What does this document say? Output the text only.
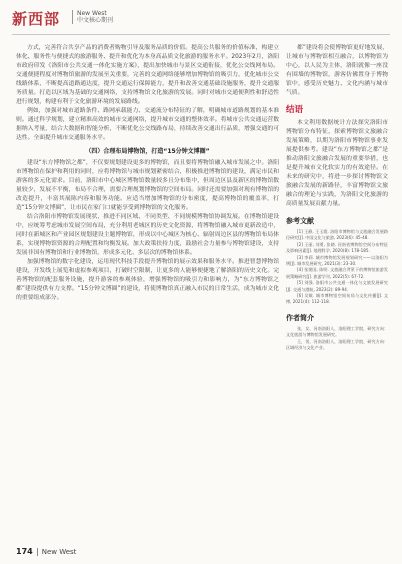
新西部	New West
中文核心期刊

方式，完善符合共享产品的消费者购物引导及服务品质的价值。提高公共服务的价值标准，构建立体化、服务性与便捷式的旅游服务、提升和优化为本身高品质文化旅游的服务水平。2023年2月，洛阳市政府印发《洛阳市公共交通一体化实施方案》，提出加快城市与景区交通衔接，优化公交线网布局。交通便捷程度对博物馆旅游的发展至关重要，完善的交通网络能够增加博物馆的吸引力，优化城市公交线路体系，不断提高道路通达度，提升交通运行保障能力，提升和改善交通基础设施服务，提升交通服务质量。打造以区域为基础的交通网络，支持博物馆文化旅游的发展。同时对城市交通便利性和舒适性进行规划，构建有利于文化旅游环境的发展路线。

例如，加强对城市道路条件、路网承载能力、交通流分布特征的了解，明确城市道路规划的基本准则。通过科学规划，建立精准高效的城市交通网络，提升城市交通的整体效率。将城市公共交通运营数据纳入考量，结合大数据和智能分析，不断优化公交线路布局，持续改善交通出行品质，增强交通的可达性。全面提升城市交通服务水平。

（四）合理布局博物馆，打造“15分钟文博圈”

建设“东方博物馆之都”，不仅要规划建设更多的博物馆，而且要将博物馆融入城市发展之中。洛阳市博物馆在保护和利用的同时，应将博物馆与城市规划紧密结合，积极推进博物馆的建设，满足市民和游客的多元化需求。目前，洛阳市中心城区博物馆数量较多且分布集中，但周边区县及新区的博物馆数量较少，发展不平衡，布局不合理，需要合理规划博物馆的空间布局。同时还需要加强对现有博物馆的改造提升，丰富其展陈内容和服务功能。应适当增加博物馆的分布密度，提高博物馆的覆盖率，打造“15分钟文博圈”，让市民在家门口就能享受到博物馆的文化服务。

结合洛阳市博物馆发展现状，推进不同区域、不同类型、不同规模博物馆协调发展。在博物馆建设中，应统筹考虑城市发展空间布局，充分利用老城区的历史文化资源，将博物馆融入城市更新改造中，同时在新城区和产业园区规划建设主题博物馆，形成以中心城区为核心、辐射周边区县的博物馆布局体系，实现博物馆资源的合理配置和均衡发展。加大政策扶持力度，鼓励社会力量参与博物馆建设，支持发展非国有博物馆和行业博物馆，形成多元化、多层次的博物馆体系。

加强博物馆的数字化建设，运用现代科技手段提升博物馆的展示效果和服务水平。推进智慧博物馆建设，开发线上展览和虚拟参观项目，打破时空限制，让更多的人能够便捷地了解洛阳的历史文化。完善博物馆的配套服务设施，提升游客的参观体验，增强博物馆的吸引力和影响力，为“东方博物馆之都”建设提供有力支撑。“15分钟文博圈”的建设，将使博物馆真正融入市民的日常生活，成为城市文化的重要组成部分。

都”建设将会使博物馆更好地发展，让城市与博物馆相互融合，以博物馆为中心，以人民为主体，洛阳就像一座没有围墙的博物馆，游客仿佛置身于博物馆中，感受历史魅力、文化内涵与城市气质。

结语

本文利用数据统计方法探究洛阳市博物馆分布特征，探索博物馆文旅融合发展策略，以期为洛阳市博物馆事业发展提供参考。建设“东方博物馆之都”是推动洛阳文旅融合发展的重要举措，也是提升城市文化软实力的有效途径。在未来的研究中，将进一步探讨博物馆文旅融合发展的新路径，丰富博物馆文旅融合的理论与实践，为洛阳文化旅游的高质量发展贡献力量。

参考文献

[1] 王静, 王玉霞. 洛阳市博物馆与文旅融合发展路径研究[J]. 中国文化与旅游, 2023(6): 45-48.

[2] 王丽, 刘勇, 张晓. 河南省博物馆空间分布特征及影响因素[J]. 地理科学, 2020(8): 178-185.

[3] 李莉. 城市博物馆发展规划研究——以洛阳为例[J]. 城市发展研究, 2021(3): 23-30.

[4] 张建国, 陈明. 文旅融合背景下的博物馆旅游发展策略研究[J]. 旅游学刊, 2022(5): 67-72.

[5] 刘强. 洛阳市公共交通一体化与文旅发展研究[J]. 交通与港航, 2023(2): 89-94.

[6] 吴敏. 城市博物馆空间布局与文化传播[J]. 文博, 2021(4): 112-118.

作者简介

张，女，河南洛阳人，洛阳理工学院，研究方向：文化旅游与博物馆发展研究。

王，男，河南洛阳人，洛阳理工学院，研究方向：区域经济与文化产业。

174 New West
